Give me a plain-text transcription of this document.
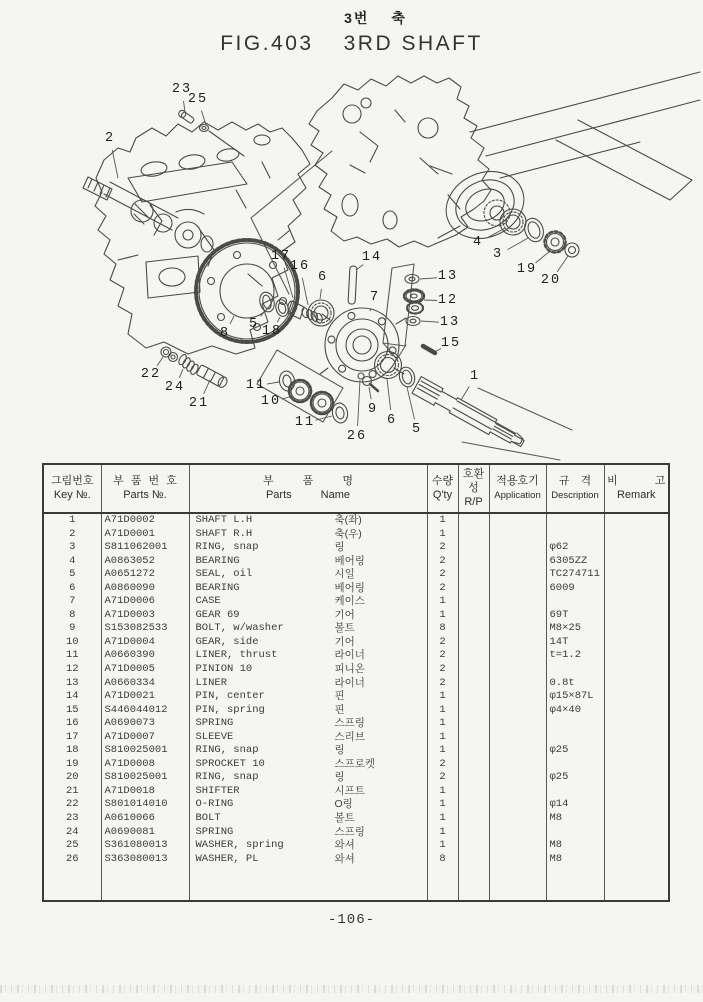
3번 축
FIG.403 3RD SHAFT
23
25
2
17
16
6
14
7
4
3
19
20
13
12
13
15
8
5 18
22
24
21
11
10
11
26
9
6
5
1
그림번호
Key №.	부 품 번 호
Parts №.	부 품 명
Parts Name	수량
Q'ty	호환성
R/P	적용호기
Application	규 격
Description	비 고
Remark

1	A71D0002	SHAFT L.H 축(좌)	1				
2	A71D0001	SHAFT R.H 축(우)	1				
3	S811062001	RING, snap 링	2			φ62	
4	A0863052	BEARING 베어링	2			6305ZZ	
5	A0651272	SEAL, oil 시일	2			TC274711	
6	A0860090	BEARING 베어링	2			6009	
7	A71D0006	CASE 케이스	1				
8	A71D0003	GEAR 69 기어	1			69T	
9	S153082533	BOLT, w/washer 볼트	8			M8×25	
10	A71D0004	GEAR, side 기어	2			14T	
11	A0660390	LINER, thrust 라이너	2			t=1.2	
12	A71D0005	PINION 10 피니온	2				
13	A0660334	LINER 라이너	2			0.8t	
14	A71D0021	PIN, center 핀	1			φ15×87L	
15	S446044012	PIN, spring 핀	1			φ4×40	
16	A0690073	SPRING 스프링	1				
17	A71D0007	SLEEVE 스리브	1				
18	S810025001	RING, snap 링	1			φ25	
19	A71D0008	SPROCKET 10 스프로켓	2				
20	S810025001	RING, snap 링	2			φ25	
21	A71D0018	SHIFTER 시프트	1				
22	S801014010	O-RING O링	1			φ14	
23	A0610066	BOLT 볼트	1			M8	
24	A0690081	SPRING 스프링	1				
25	S361080013	WASHER, spring 와셔	1			M8	
26	S363080013	WASHER, PL 와셔	8			M8	

-106-
